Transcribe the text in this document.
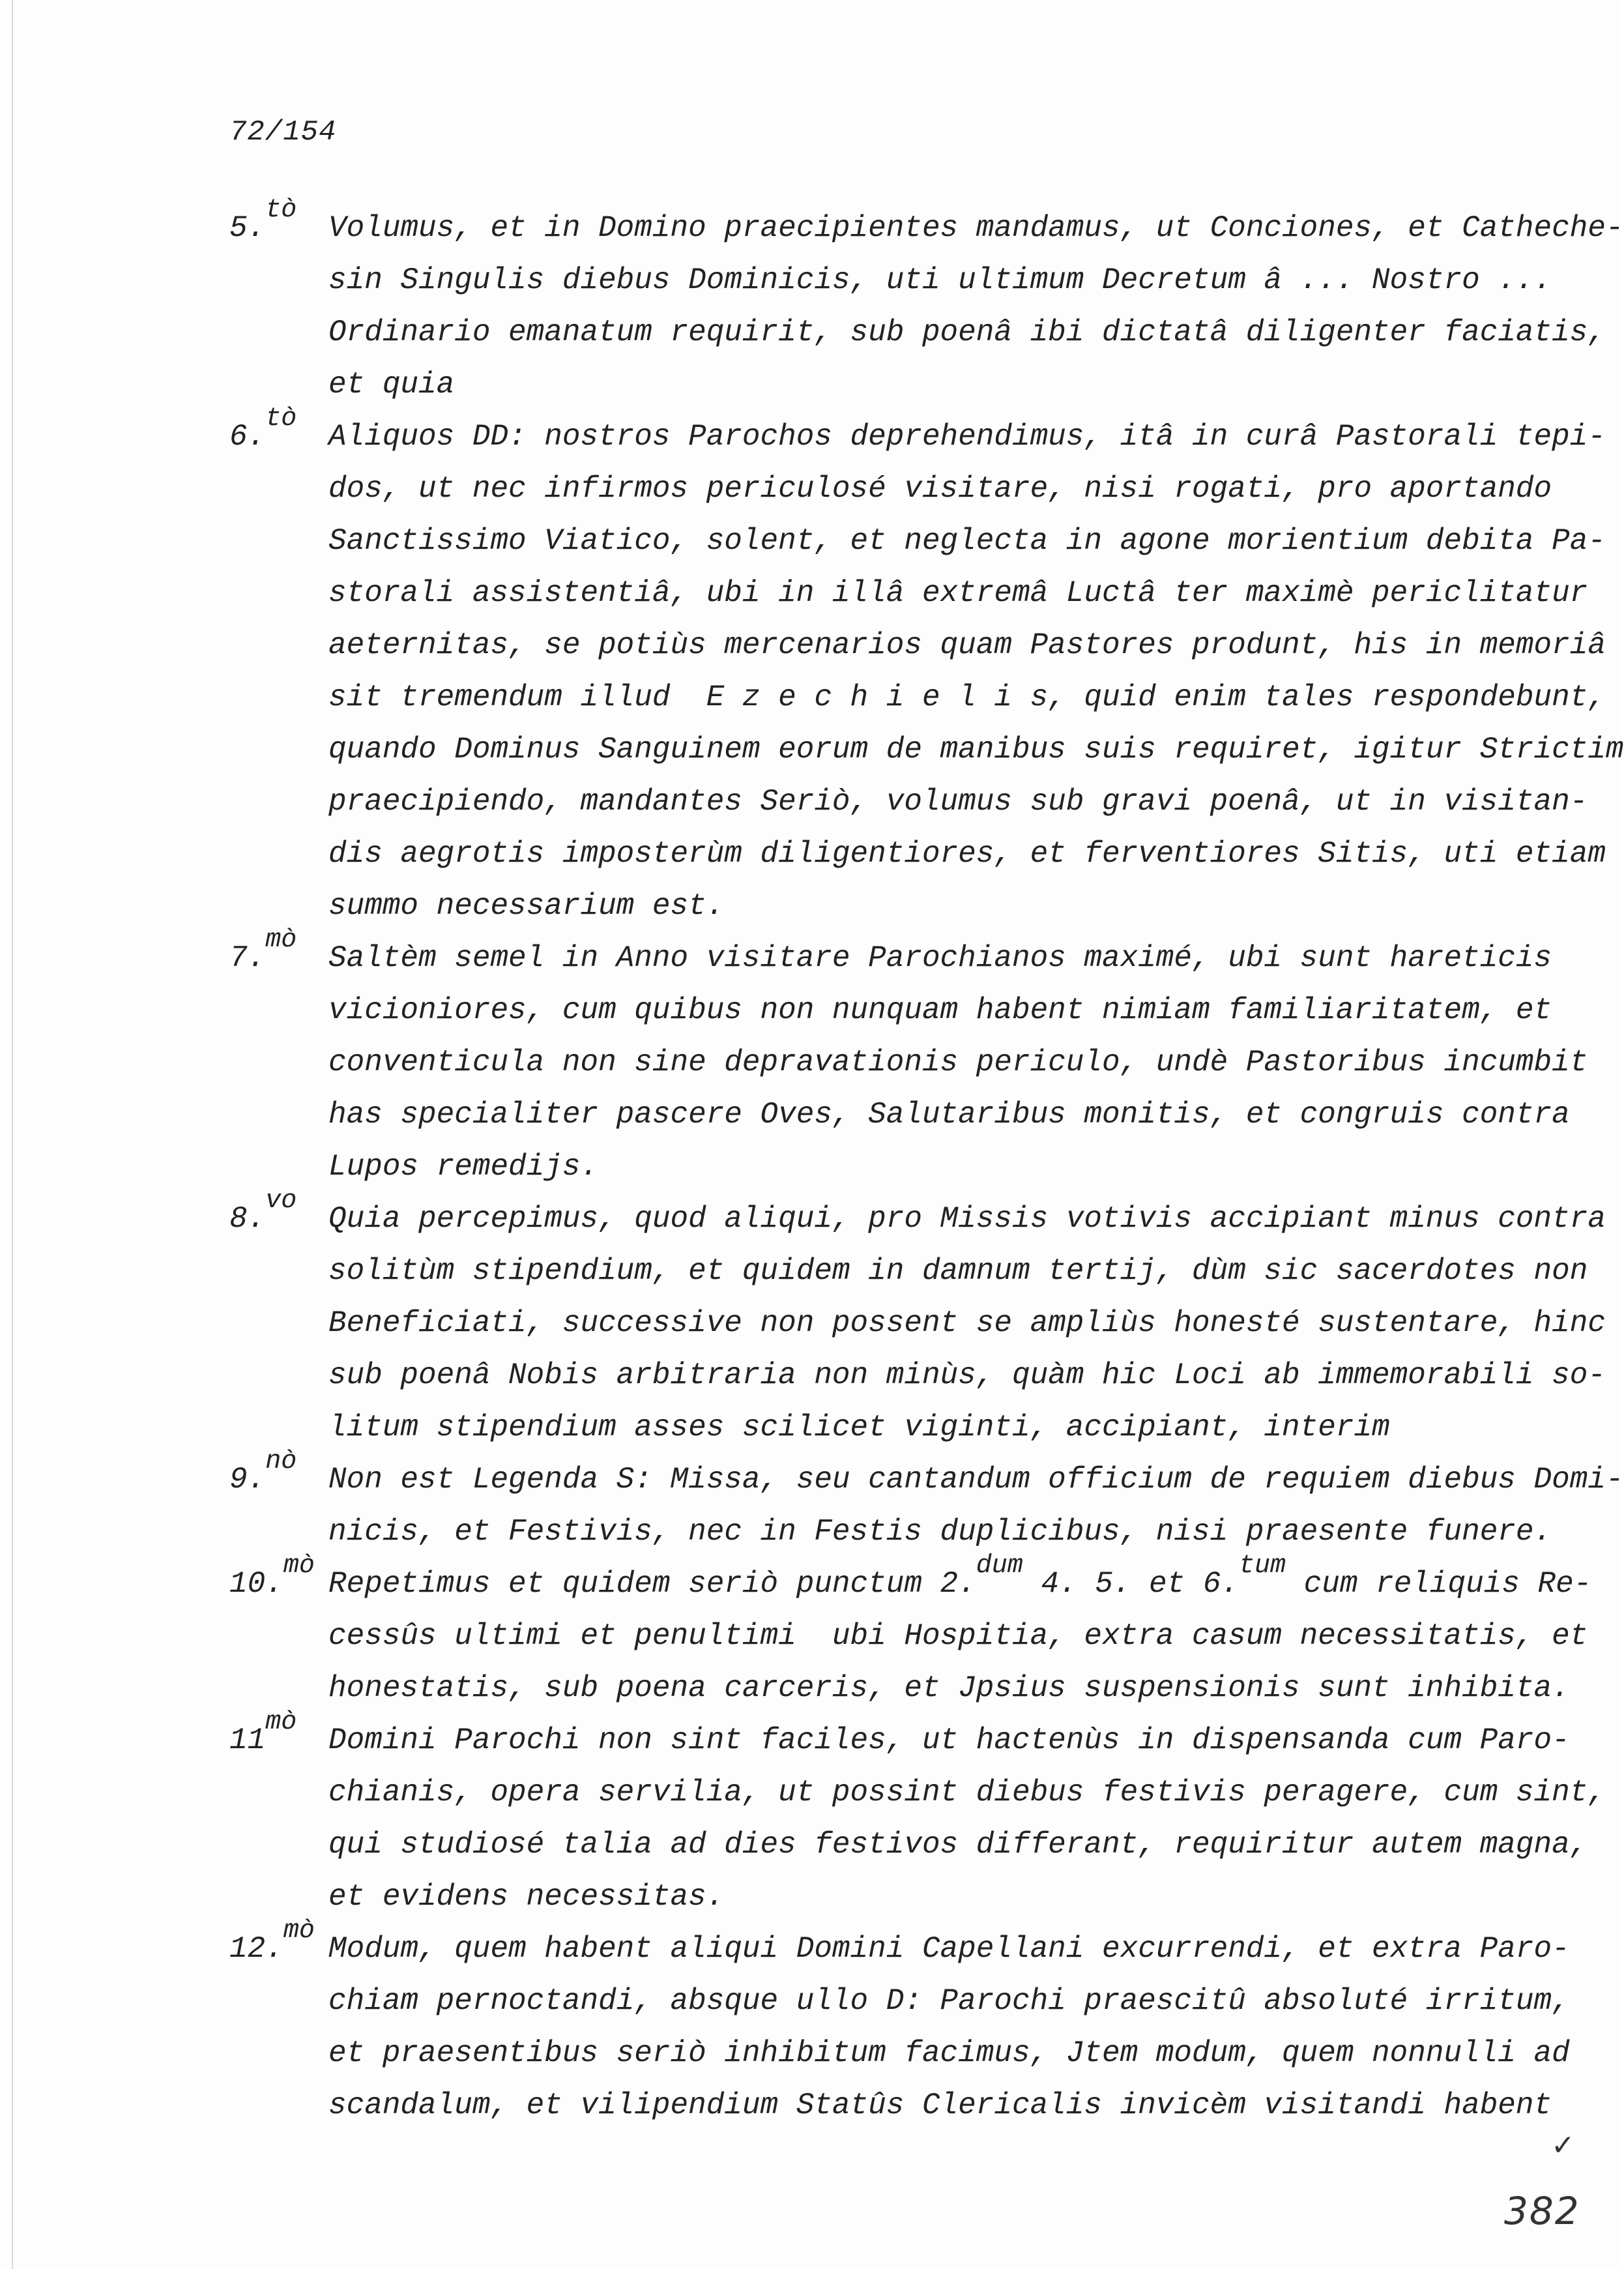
72/154
5.$^{tò}$
Volumus, et in Domino praecipientes mandamus, ut Conciones, et Catheche-
sin Singulis diebus Dominicis, uti ultimum Decretum â ... Nostro ...
Ordinario emanatum requirit, sub poenâ ibi dictatâ diligenter faciatis,
et quia
6.$^{tò}$
Aliquos DD: nostros Parochos deprehendimus, itâ in curâ Pastorali tepi-
dos, ut nec infirmos periculosé visitare, nisi rogati, pro aportando
Sanctissimo Viatico, solent, et neglecta in agone morientium debita Pa-
storali assistentiâ, ubi in illâ extremâ Luctâ ter maximè periclitatur
aeternitas, se potiùs mercenarios quam Pastores produnt, his in memoriâ
sit tremendum illud  E z e c h i e l i s, quid enim tales respondebunt,
quando Dominus Sanguinem eorum de manibus suis requiret, igitur Strictim
praecipiendo, mandantes Seriò, volumus sub gravi poenâ, ut in visitan-
dis aegrotis imposterùm diligentiores, et ferventiores Sitis, uti etiam
summo necessarium est.
7.$^{mò}$
Saltèm semel in Anno visitare Parochianos maximé, ubi sunt hareticis
vicioniores, cum quibus non nunquam habent nimiam familiaritatem, et
conventicula non sine depravationis periculo, undè Pastoribus incumbit
has specialiter pascere Oves, Salutaribus monitis, et congruis contra
Lupos remedijs.
8.$^{vo}$
Quia percepimus, quod aliqui, pro Missis votivis accipiant minus contra
solitùm stipendium, et quidem in damnum tertij, dùm sic sacerdotes non
Beneficiati, successive non possent se ampliùs honesté sustentare, hinc
sub poenâ Nobis arbitraria non minùs, quàm hic Loci ab immemorabili so-
litum stipendium asses scilicet viginti, accipiant, interim
9.$^{nò}$
Non est Legenda S: Missa, seu cantandum officium de requiem diebus Domi-
nicis, et Festivis, nec in Festis duplicibus, nisi praesente funere.
10.$^{mò}$
Repetimus et quidem seriò punctum 2.dum 4. 5. et 6.tum cum reliquis Re-
cessûs ultimi et penultimi  ubi Hospitia, extra casum necessitatis, et
honestatis, sub poena carceris, et Jpsius suspensionis sunt inhibita.
$11^{mò}$
Domini Parochi non sint faciles, ut hactenùs in dispensanda cum Paro-
chianis, opera servilia, ut possint diebus festivis peragere, cum sint,
qui studiosé talia ad dies festivos differant, requiritur autem magna,
et evidens necessitas.
12.$^{mò}$
Modum, quem habent aliqui Domini Capellani excurrendi, et extra Paro-
chiam pernoctandi, absque ullo D: Parochi praescitû absoluté irritum,
et praesentibus seriò inhibitum facimus, Jtem modum, quem nonnulli ad
scandalum, et vilipendium Statûs Clericalis invicèm visitandi habent
✓
382
